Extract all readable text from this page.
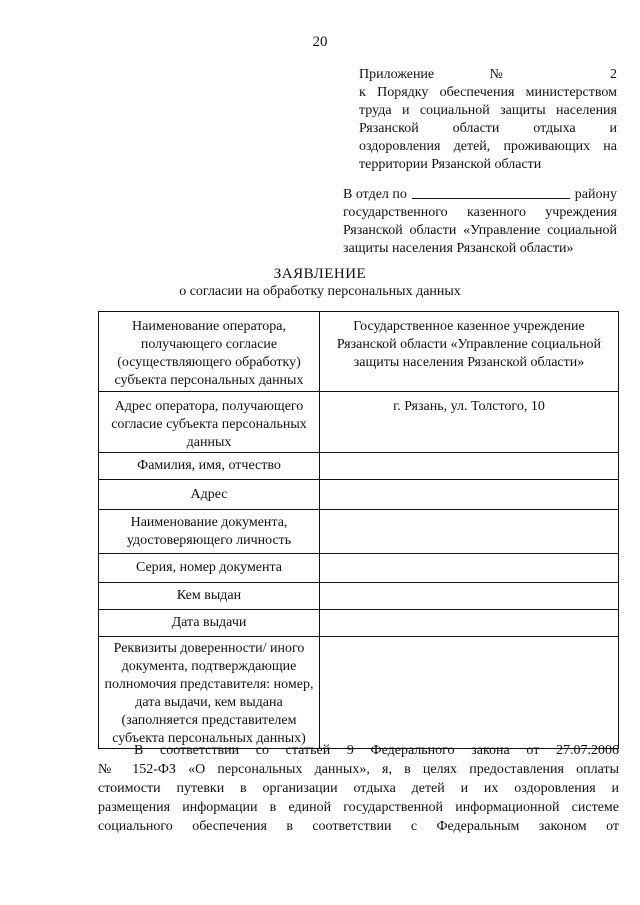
20
Приложение № 2
к Порядку обеспечения министерством
труда и социальной защиты населения
Рязанской области отдыха и
оздоровления детей, проживающих на
территории Рязанской области
В отдел по	району
государственного казенного учреждения
Рязанской области «Управление социальной
защиты населения Рязанской области»
ЗАЯВЛЕНИЕ
о согласии на обработку персональных данных
Наименование оператора, получающего согласие (осуществляющего обработку) субъекта персональных данных	Государственное казенное учреждение Рязанской области «Управление социальной защиты населения Рязанской области»
Адрес оператора, получающего согласие субъекта персональных данных	г. Рязань, ул. Толстого, 10
Фамилия, имя, отчество	
Адрес	
Наименование документа, удостоверяющего личность	
Серия, номер документа	
Кем выдан	
Дата выдачи	
Реквизиты доверенности/ иного документа, подтверждающие полномочия представителя: номер, дата выдачи, кем выдана (заполняется представителем субъекта персональных данных)	
В соответствии со статьей 9 Федерального закона от 27.07.2006
№ 152-ФЗ «О персональных данных», я, в целях предоставления оплаты
стоимости путевки в организации отдыха детей и их оздоровления и
размещения информации в единой государственной информационной системе
социального обеспечения в соответствии с Федеральным законом от
